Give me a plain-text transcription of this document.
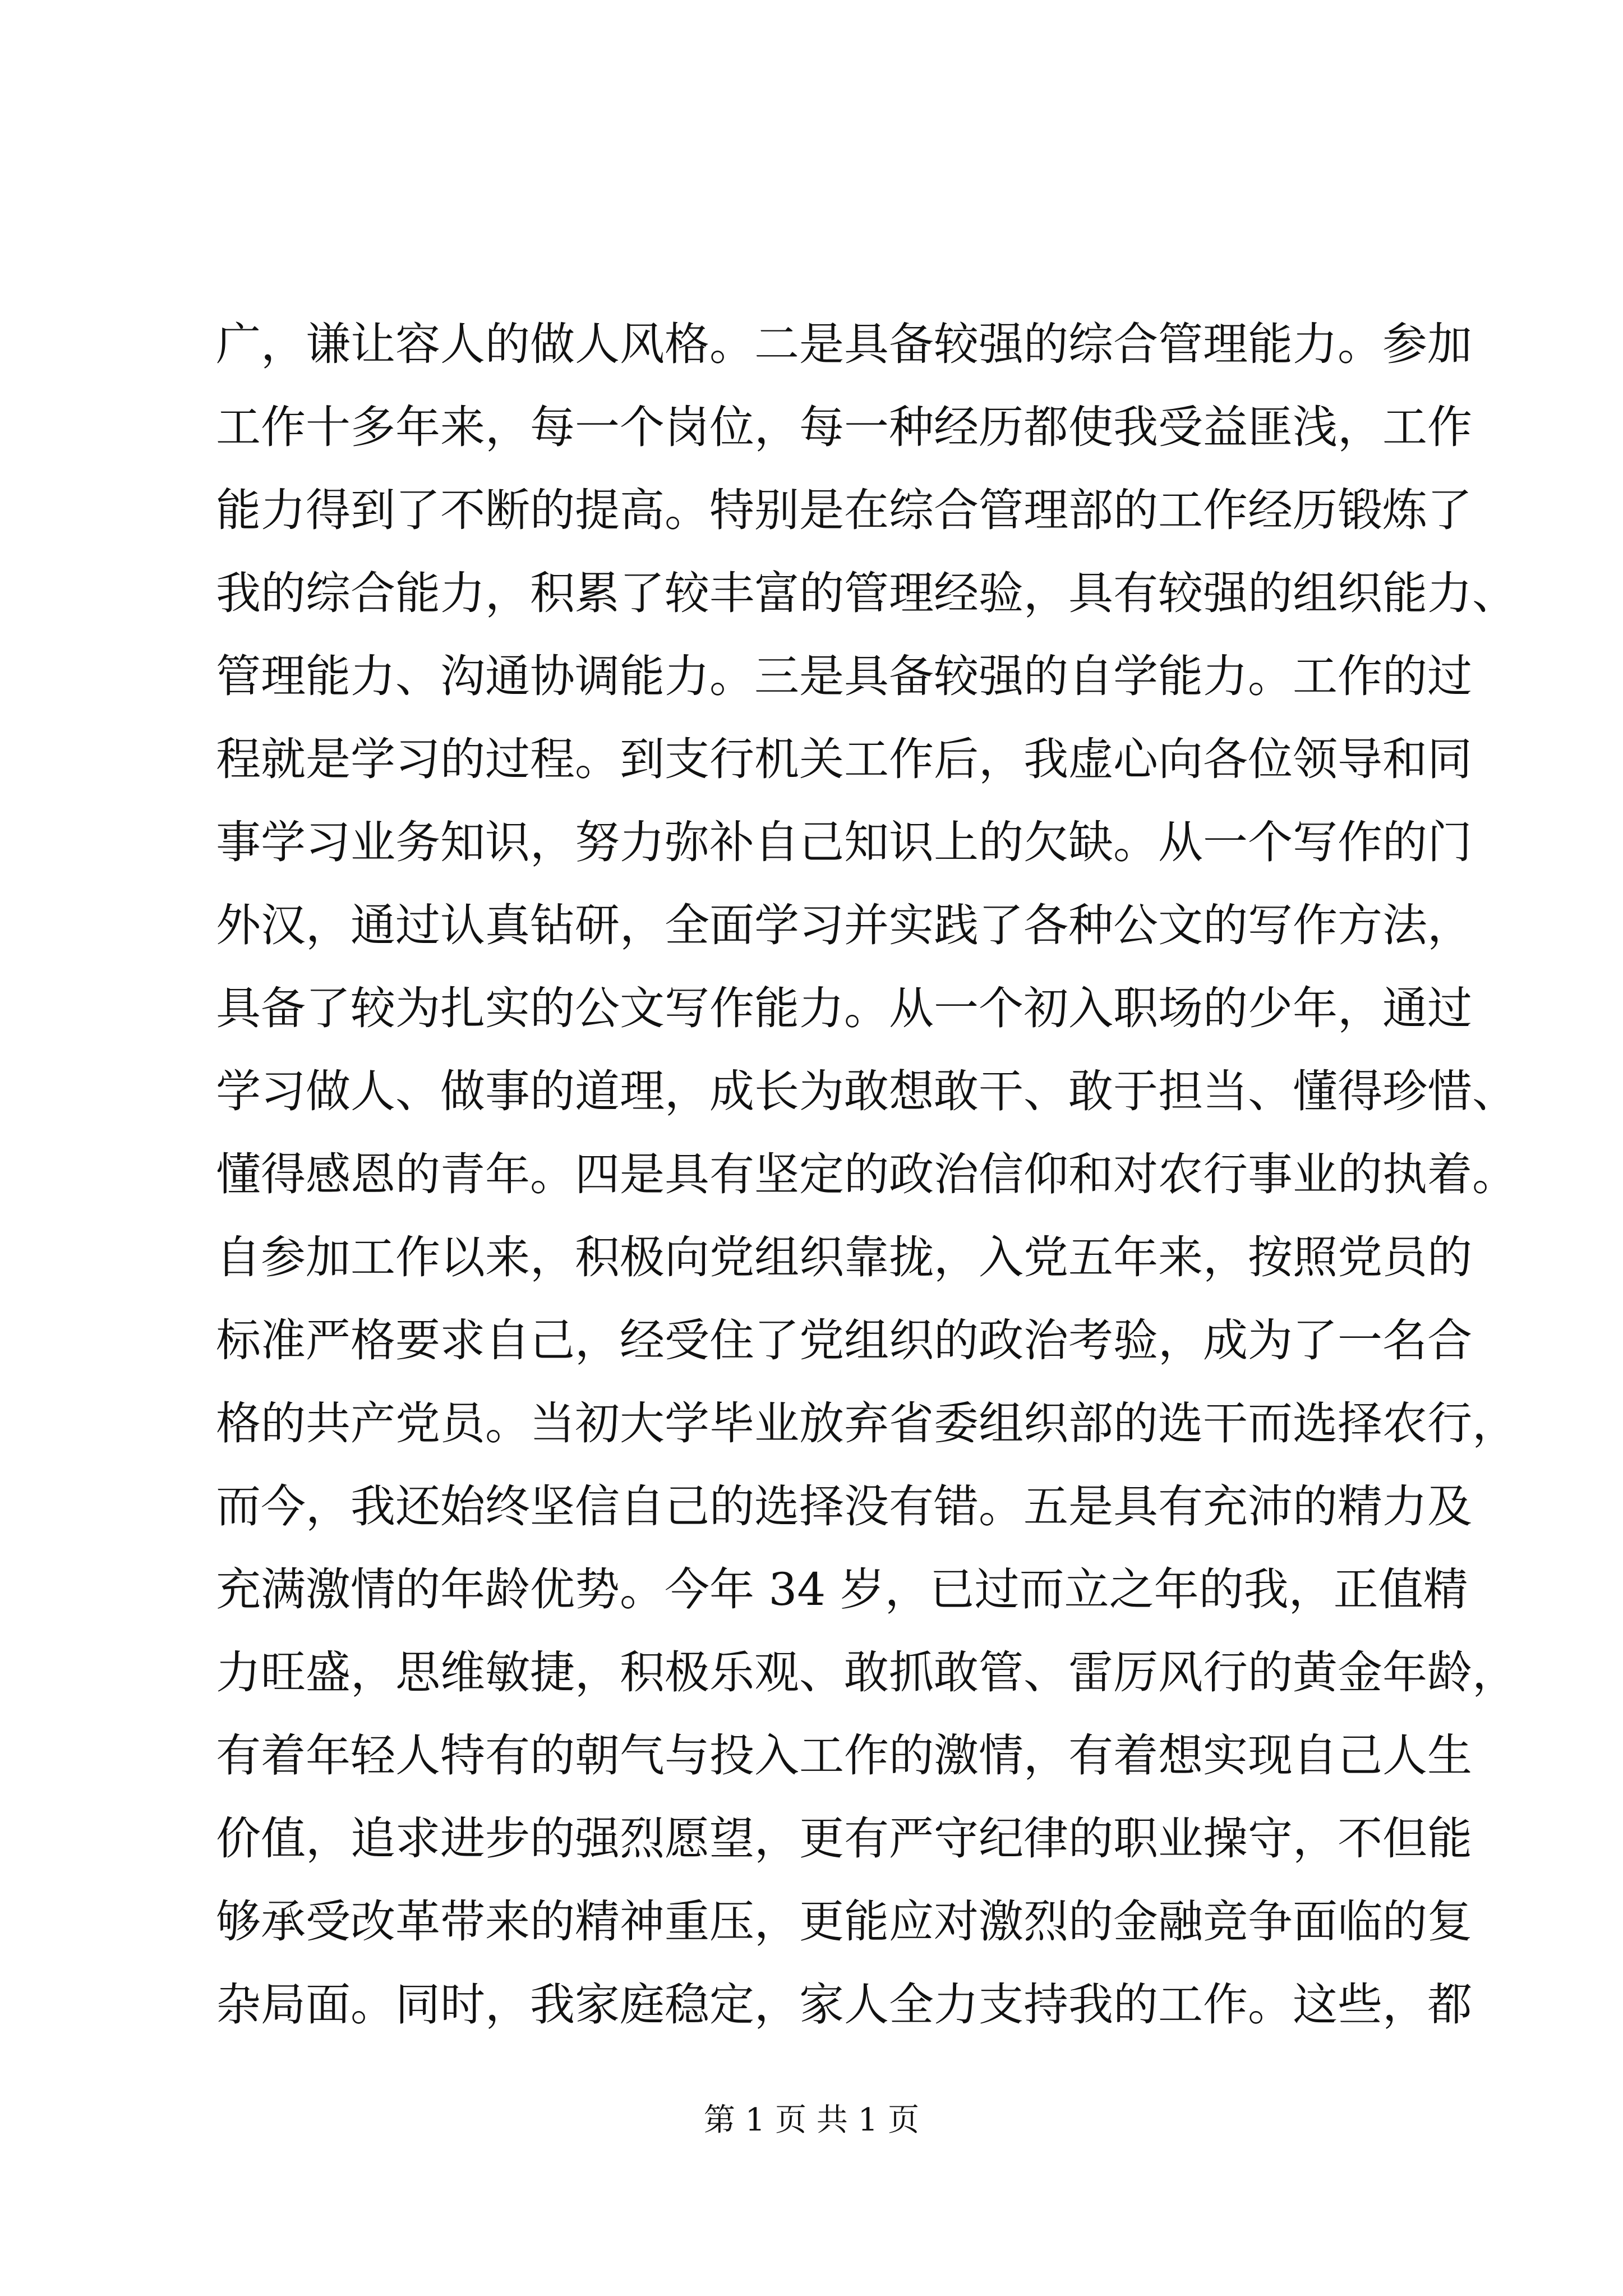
广，谦让容人的做人风格。二是具备较强的综合管理能力。参加
工作十多年来，每一个岗位，每一种经历都使我受益匪浅，工作
能力得到了不断的提高。特别是在综合管理部的工作经历锻炼了
我的综合能力，积累了较丰富的管理经验，具有较强的组织能力、
管理能力、沟通协调能力。三是具备较强的自学能力。工作的过
程就是学习的过程。到支行机关工作后，我虚心向各位领导和同
事学习业务知识，努力弥补自己知识上的欠缺。从一个写作的门
外汉，通过认真钻研，全面学习并实践了各种公文的写作方法，
具备了较为扎实的公文写作能力。从一个初入职场的少年，通过
学习做人、做事的道理，成长为敢想敢干、敢于担当、懂得珍惜、
懂得感恩的青年。四是具有坚定的政治信仰和对农行事业的执着。
自参加工作以来，积极向党组织靠拢，入党五年来，按照党员的
标准严格要求自己，经受住了党组织的政治考验，成为了一名合
格的共产党员。当初大学毕业放弃省委组织部的选干而选择农行，
而今，我还始终坚信自己的选择没有错。五是具有充沛的精力及
充满激情的年龄优势。今年 34 岁，已过而立之年的我，正值精
力旺盛，思维敏捷，积极乐观、敢抓敢管、雷厉风行的黄金年龄，
有着年轻人特有的朝气与投入工作的激情，有着想实现自己人生
价值，追求进步的强烈愿望，更有严守纪律的职业操守，不但能
够承受改革带来的精神重压，更能应对激烈的金融竞争面临的复
杂局面。同时，我家庭稳定，家人全力支持我的工作。这些，都
第 1 页 共 1 页
